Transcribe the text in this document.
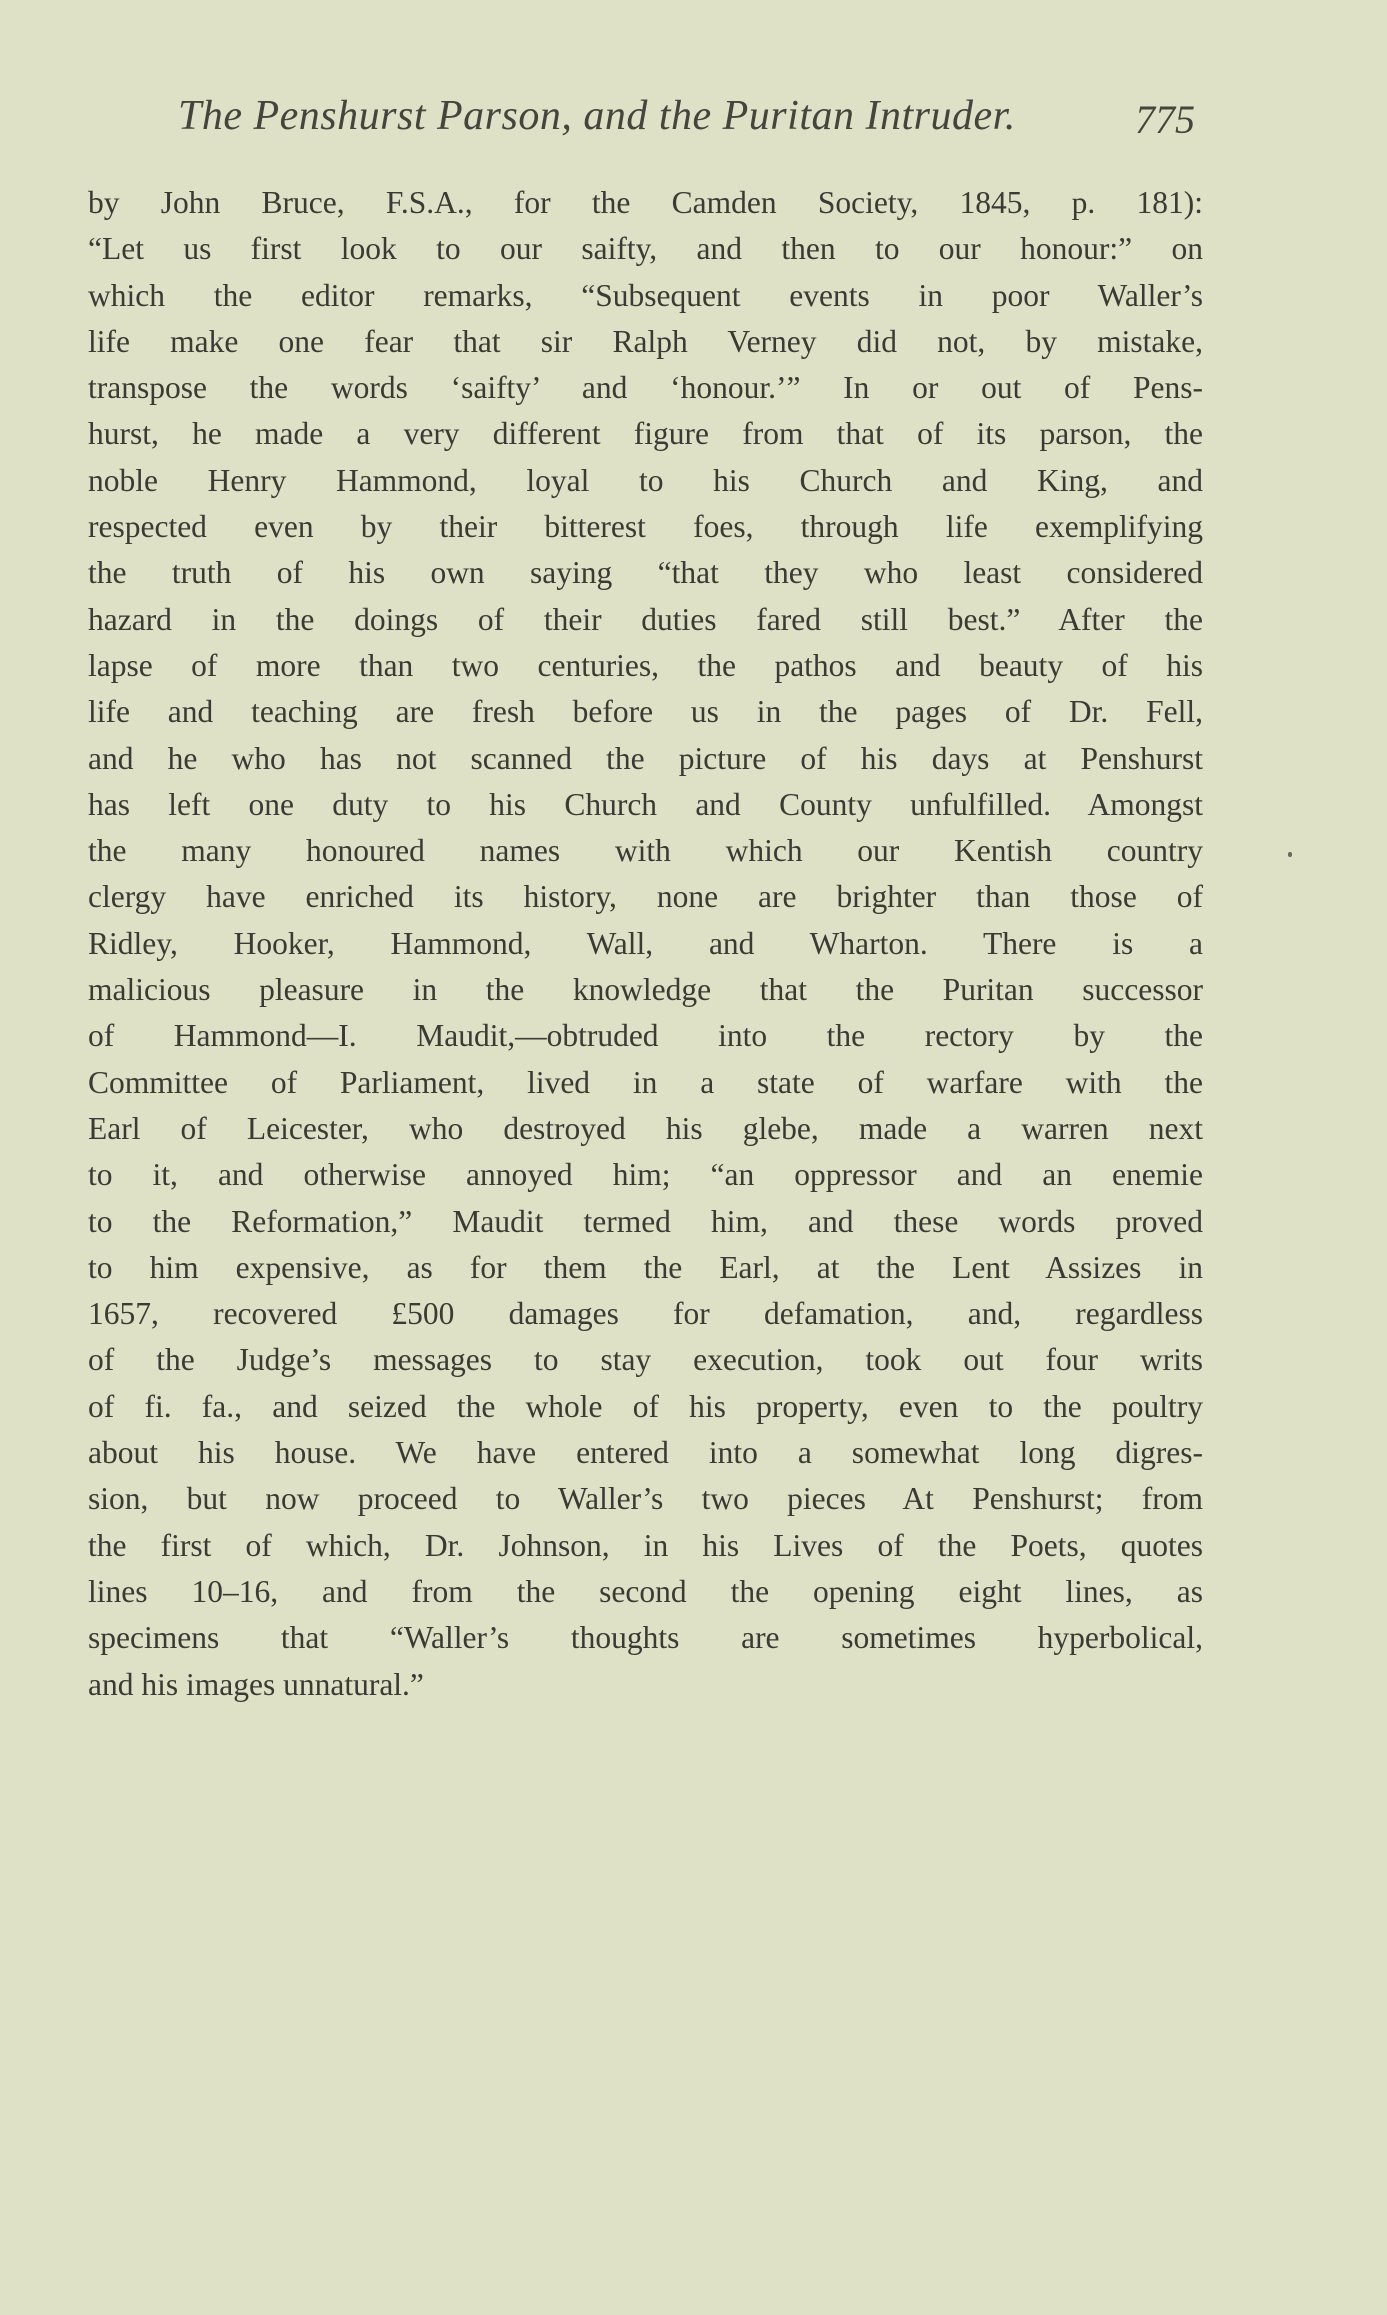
The Penshurst Parson, and the Puritan Intruder.	775
by John Bruce, F.S.A., for the Camden Society, 1845, p. 181):
“Let us first look to our saifty, and then to our honour:” on
which the editor remarks, “Subsequent events in poor Waller’s
life make one fear that sir Ralph Verney did not, by mistake,
transpose the words ‘saifty’ and ‘honour.’” In or out of Pens-
hurst, he made a very different figure from that of its parson, the
noble Henry Hammond, loyal to his Church and King, and
respected even by their bitterest foes, through life exemplifying
the truth of his own saying “that they who least considered
hazard in the doings of their duties fared still best.” After the
lapse of more than two centuries, the pathos and beauty of his
life and teaching are fresh before us in the pages of Dr. Fell,
and he who has not scanned the picture of his days at Penshurst
has left one duty to his Church and County unfulfilled. Amongst
the many honoured names with which our Kentish country
clergy have enriched its history, none are brighter than those of
Ridley, Hooker, Hammond, Wall, and Wharton. There is a
malicious pleasure in the knowledge that the Puritan successor
of Hammond—I. Maudit,—obtruded into the rectory by the
Committee of Parliament, lived in a state of warfare with the
Earl of Leicester, who destroyed his glebe, made a warren next
to it, and otherwise annoyed him; “an oppressor and an enemie
to the Reformation,” Maudit termed him, and these words proved
to him expensive, as for them the Earl, at the Lent Assizes in
1657, recovered £500 damages for defamation, and, regardless
of the Judge’s messages to stay execution, took out four writs
of fi. fa., and seized the whole of his property, even to the poultry
about his house. We have entered into a somewhat long digres-
sion, but now proceed to Waller’s two pieces At Penshurst; from
the first of which, Dr. Johnson, in his Lives of the Poets, quotes
lines 10–16, and from the second the opening eight lines, as
specimens that “Waller’s thoughts are sometimes hyperbolical,
and his images unnatural.”
